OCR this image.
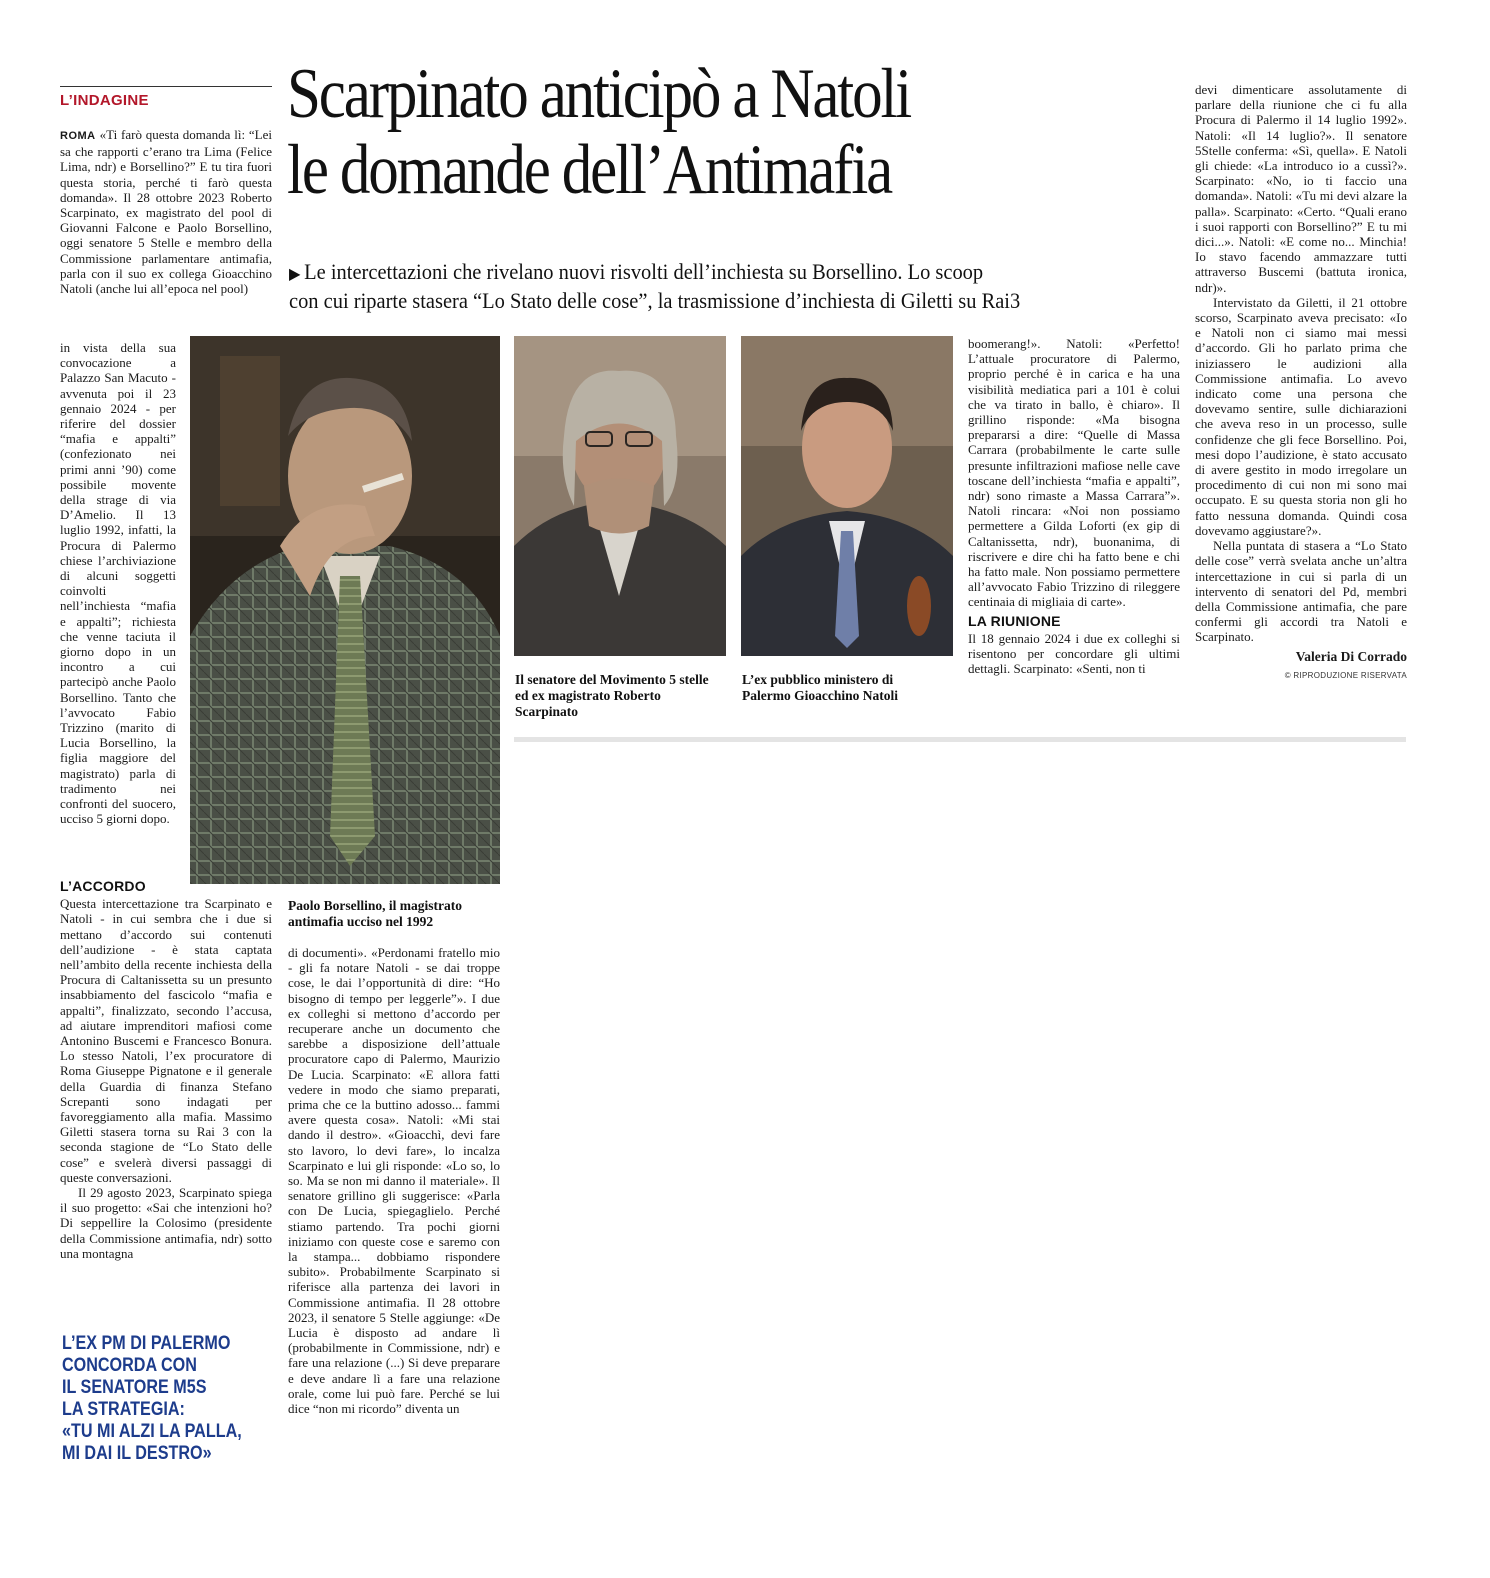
Scarpinato anticipò a Natoli
le domande dell’Antimafia
▶ Le intercettazioni che rivelano nuovi risvolti dell’inchiesta su Borsellino. Lo scoop
con cui riparte stasera “Lo Stato delle cose”, la trasmissione d’inchiesta di Giletti su Rai3
L’INDAGINE

ROMA «Ti farò questa domanda lì: “Lei sa che rapporti c’erano tra Lima (Felice Lima, ndr) e Borsellino?” E tu tira fuori questa storia, perché ti farò questa domanda». Il 28 ottobre 2023 Roberto Scarpinato, ex magistrato del pool di Giovanni Falcone e Paolo Borsellino, oggi senatore 5 Stelle e membro della Commissione parlamentare antimafia, parla con il suo ex collega Gioacchino Natoli (anche lui all’epoca nel pool)

in vista della sua convocazione a Palazzo San Macuto - avvenuta poi il 23 gennaio 2024 - per riferire del dossier “mafia e appalti” (confezionato nei primi anni ’90) come possibile movente della strage di via D’Amelio. Il 13 luglio 1992, infatti, la Procura di Palermo chiese l’archiviazione di alcuni soggetti coinvolti nell’inchiesta “mafia e appalti”; richiesta che venne taciuta il giorno dopo in un incontro a cui partecipò anche Paolo Borsellino. Tanto che l’avvocato Fabio Trizzino (marito di Lucia Borsellino, la figlia maggiore del magistrato) parla di tradimento nei confronti del suocero, ucciso 5 giorni dopo.

L’ACCORDO

Questa intercettazione tra Scarpinato e Natoli - in cui sembra che i due si mettano d’accordo sui contenuti dell’audizione - è stata captata nell’ambito della recente inchiesta della Procura di Caltanissetta su un presunto insabbiamento del fascicolo “mafia e appalti”, finalizzato, secondo l’accusa, ad aiutare imprenditori mafiosi come Antonino Buscemi e Francesco Bonura. Lo stesso Natoli, l’ex procuratore di Roma Giuseppe Pignatone e il generale della Guardia di finanza Stefano Screpanti sono indagati per favoreggiamento alla mafia. Massimo Giletti stasera torna su Rai 3 con la seconda stagione de “Lo Stato delle cose” e svelerà diversi passaggi di queste conversazioni.

Il 29 agosto 2023, Scarpinato spiega il suo progetto: «Sai che intenzioni ho? Di seppellire la Colosimo (presidente della Commissione antimafia, ndr) sotto una montagna

L’EX PM DI PALERMO
CONCORDA CON
IL SENATORE M5S
LA STRATEGIA:
«TU MI ALZI LA PALLA,
MI DAI IL DESTRO»
Paolo Borsellino, il magistrato antimafia ucciso nel 1992

di documenti». «Perdonami fratello mio - gli fa notare Natoli - se dai troppe cose, le dai l’opportunità di dire: “Ho bisogno di tempo per leggerle”». I due ex colleghi si mettono d’accordo per recuperare anche un documento che sarebbe a disposizione dell’attuale procuratore capo di Palermo, Maurizio De Lucia. Scarpinato: «E allora fatti vedere in modo che siamo preparati, prima che ce la buttino adosso... fammi avere questa cosa». Natoli: «Mi stai dando il destro». «Gioacchì, devi fare sto lavoro, lo devi fare», lo incalza Scarpinato e lui gli risponde: «Lo so, lo so. Ma se non mi danno il materiale». Il senatore grillino gli suggerisce: «Parla con De Lucia, spiegaglielo. Perché stiamo partendo. Tra pochi giorni iniziamo con queste cose e saremo con la stampa... dobbiamo rispondere subito». Probabilmente Scarpinato si riferisce alla partenza dei lavori in Commissione antimafia. Il 28 ottobre 2023, il senatore 5 Stelle aggiunge: «De Lucia è disposto ad andare lì (probabilmente in Commissione, ndr) e fare una relazione (...) Si deve preparare e deve andare lì a fare una relazione orale, come lui può fare. Perché se lui dice “non mi ricordo” diventa un

Il senatore del Movimento 5 stelle ed ex magistrato Roberto Scarpinato
L’ex pubblico ministero di Palermo Gioacchino Natoli

boomerang!». Natoli: «Perfetto! L’attuale procuratore di Palermo, proprio perché è in carica e ha una visibilità mediatica pari a 101 è colui che va tirato in ballo, è chiaro». Il grillino risponde: «Ma bisogna prepararsi a dire: “Quelle di Massa Carrara (probabilmente le carte sulle presunte infiltrazioni mafiose nelle cave toscane dell’inchiesta “mafia e appalti”, ndr) sono rimaste a Massa Carrara”». Natoli rincara: «Noi non possiamo permettere a Gilda Loforti (ex gip di Caltanissetta, ndr), buonanima, di riscrivere e dire chi ha fatto bene e chi ha fatto male. Non possiamo permettere all’avvocato Fabio Trizzino di rileggere centinaia di migliaia di carte».

LA RIUNIONE

Il 18 gennaio 2024 i due ex colleghi si risentono per concordare gli ultimi dettagli. Scarpinato: «Senti, non ti

devi dimenticare assolutamente di parlare della riunione che ci fu alla Procura di Palermo il 14 luglio 1992». Natoli: «Il 14 luglio?». Il senatore 5Stelle conferma: «Sì, quella». E Natoli gli chiede: «La introduco io a cussì?». Scarpinato: «No, io ti faccio una domanda». Natoli: «Tu mi devi alzare la palla». Scarpinato: «Certo. “Quali erano i suoi rapporti con Borsellino?” E tu mi dici...». Natoli: «E come no... Minchia! Io stavo facendo ammazzare tutti attraverso Buscemi (battuta ironica, ndr)».

Intervistato da Giletti, il 21 ottobre scorso, Scarpinato aveva precisato: «Io e Natoli non ci siamo mai messi d’accordo. Gli ho parlato prima che iniziassero le audizioni alla Commissione antimafia. Lo avevo indicato come una persona che dovevamo sentire, sulle dichiarazioni che aveva reso in un processo, sulle confidenze che gli fece Borsellino. Poi, mesi dopo l’audizione, è stato accusato di avere gestito in modo irregolare un procedimento di cui non mi sono mai occupato. E su questa storia non gli ho fatto nessuna domanda. Quindi cosa dovevamo aggiustare?».

Nella puntata di stasera a “Lo Stato delle cose” verrà svelata anche un’altra intercettazione in cui si parla di un intervento di senatori del Pd, membri della Commissione antimafia, che pare confermi gli accordi tra Natoli e Scarpinato.

Valeria Di Corrado
© RIPRODUZIONE RISERVATA
